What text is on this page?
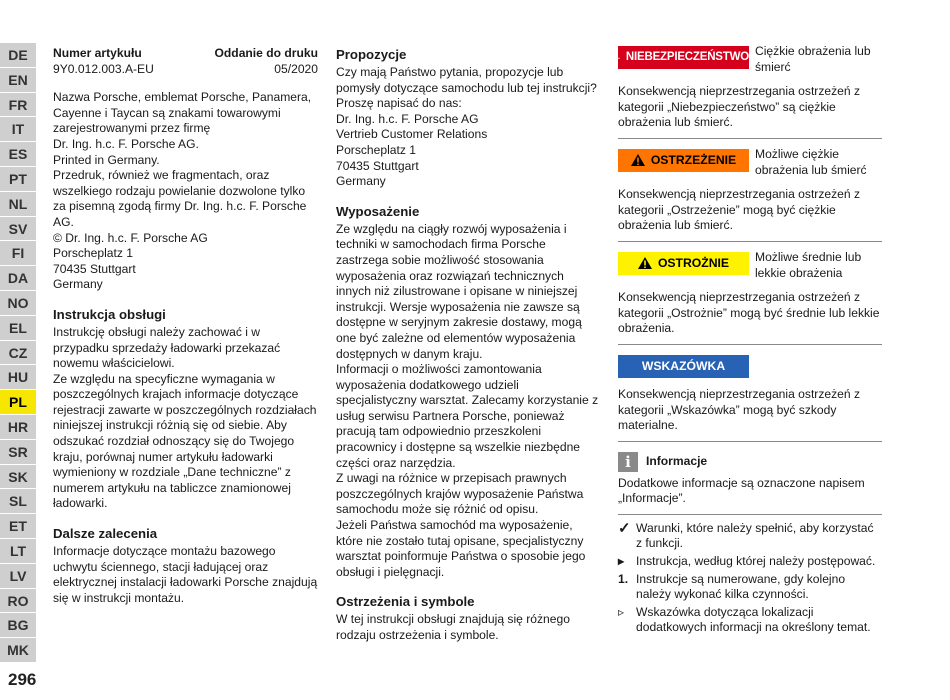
DE
EN
FR
IT
ES
PT
NL
SV
FI
DA
NO
EL
CZ
HU
PL
HR
SR
SK
SL
ET
LT
LV
RO
BG
MK
296
Numer artykułu	Oddanie do druku
9Y0.012.003.A-EU	05/2020

Nazwa Porsche, emblemat Porsche, Panamera, Cayenne i Taycan są znakami towarowymi zarejestrowanymi przez firmę

Dr. Ing. h.c. F. Porsche AG.

Printed in Germany.

Przedruk, również we fragmentach, oraz wszelkiego rodzaju powielanie dozwolone tylko za pisemną zgodą firmy Dr. Ing. h.c. F. Porsche AG.

© Dr. Ing. h.c. F. Porsche AG

Porscheplatz 1

70435 Stuttgart

Germany

Instrukcja obsługi

Instrukcję obsługi należy zachować i w przypadku sprzedaży ładowarki przekazać nowemu właścicielowi.

Ze względu na specyficzne wymagania w poszczególnych krajach informacje dotyczące rejestracji zawarte w poszczególnych rozdziałach niniejszej instrukcji różnią się od siebie. Aby odszukać rozdział odnoszący się do Twojego kraju, porównaj numer artykułu ładowarki wymieniony w rozdziale „Dane techniczne” z numerem artykułu na tabliczce znamionowej ładowarki.

Dalsze zalecenia

Informacje dotyczące montażu bazowego uchwytu ściennego, stacji ładującej oraz elektrycznej instalacji ładowarki Porsche znajdują się w instrukcji montażu.

Propozycje

Czy mają Państwo pytania, propozycje lub pomysły dotyczące samochodu lub tej instrukcji?

Proszę napisać do nas:

Dr. Ing. h.c. F. Porsche AG

Vertrieb Customer Relations

Porscheplatz 1

70435 Stuttgart

Germany

Wyposażenie

Ze względu na ciągły rozwój wyposażenia i techniki w samochodach firma Porsche zastrzega sobie możliwość stosowania wyposażenia oraz rozwiązań technicznych innych niż zilustrowane i opisane w niniejszej instrukcji. Wersje wyposażenia nie zawsze są dostępne w seryjnym zakresie dostawy, mogą one być zależne od elementów wyposażenia dostępnych w danym kraju.

Informacji o możliwości zamontowania wyposażenia dodatkowego udzieli specjalistyczny warsztat. Zalecamy korzystanie z usług serwisu Partnera Porsche, ponieważ pracują tam odpowiednio przeszkoleni pracownicy i dostępne są wszelkie niezbędne części oraz narzędzia.

Z uwagi na różnice w przepisach prawnych poszczególnych krajów wyposażenie Państwa samochodu może się różnić od opisu.

Jeżeli Państwa samochód ma wyposażenie, które nie zostało tutaj opisane, specjalistyczny warsztat poinformuje Państwa o sposobie jego obsługi i pielęgnacji.

Ostrzeżenia i symbole

W tej instrukcji obsługi znajdują się różnego rodzaju ostrzeżenia i symbole.

NIEBEZPIECZEŃSTWO Ciężkie obrażenia lub śmierć

Konsekwencją nieprzestrzegania ostrzeżeń z kategorii „Niebezpieczeństwo” są ciężkie obrażenia lub śmierć.

OSTRZEŻENIE Możliwe ciężkie obrażenia lub śmierć

Konsekwencją nieprzestrzegania ostrzeżeń z kategorii „Ostrzeżenie” mogą być ciężkie obrażenia lub śmierć.

OSTROŻNIE Możliwe średnie lub lekkie obrażenia

Konsekwencją nieprzestrzegania ostrzeżeń z kategorii „Ostrożnie” mogą być średnie lub lekkie obrażenia.

WSKAZÓWKA

Konsekwencją nieprzestrzegania ostrzeżeń z kategorii „Wskazówka” mogą być szkody materialne.

i	Informacje

Dodatkowe informacje są oznaczone napisem „Informacje”.

✓ Warunki, które należy spełnić, aby korzystać z funkcji.
▸ Instrukcja, według której należy postępować.
1. Instrukcje są numerowane, gdy kolejno należy wykonać kilka czynności.
▹ Wskazówka dotycząca lokalizacji dodatkowych informacji na określony temat.
